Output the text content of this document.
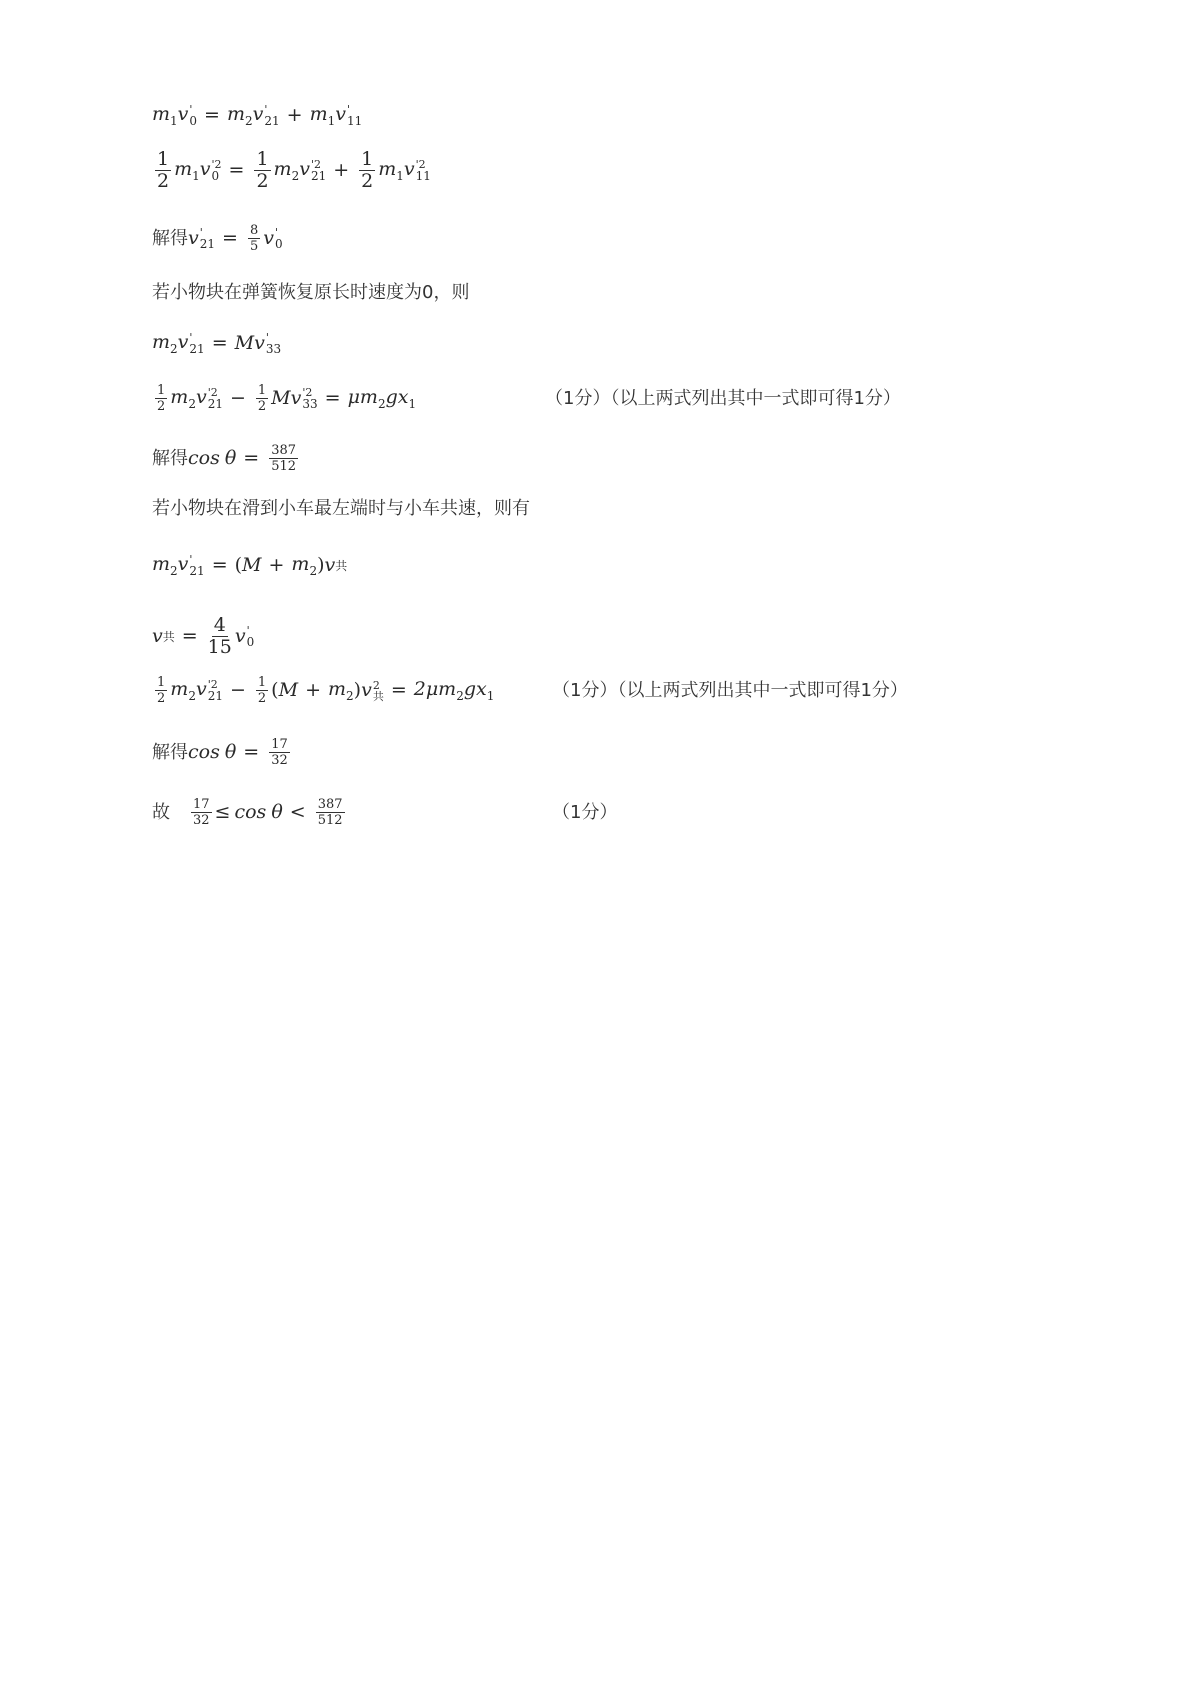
$m_1v$ '
$0 = m_2v$ '
$21 + m_1v$ '
11
$\frac{1}{2} m_1v$ '2
$0 = \frac{1}{2} m_2v$ '2
$21 + \frac{1}{2} m_1v$ '2
11
解得 v '
$21 = \frac{8}{5}$ v '
0
若小物块在弹簧恢复原长时速度为0，则
$m_2v$ '
21 = Mv '
33
$\frac{1}{2} m_2v$ '2
$21 - \frac{1}{2}$ Mv '2
$33 = \mu m_2gx_1$	（1分）（以上两式列出其中一式即可得1分）
解得 $\cos \theta = \frac{387}{512}$
若小物块在滑到小车最左端时与小车共速，则有
$m_2v$ '
21 = ( $M + m_2$ ) v 共
v 共 = $\frac{4}{15}$ v '
0
$\frac{1}{2} m_2v$ '2
$21 - \frac{1}{2}$ ( $M + m_2$ ) v 2
共 = $2\mu m_2gx_1$	（1分）（以上两式列出其中一式即可得1分）
解得 $\cos \theta = \frac{17}{32}$
故 $\frac{17}{32} \le \cos \theta < \frac{387}{512}$	（1分）
